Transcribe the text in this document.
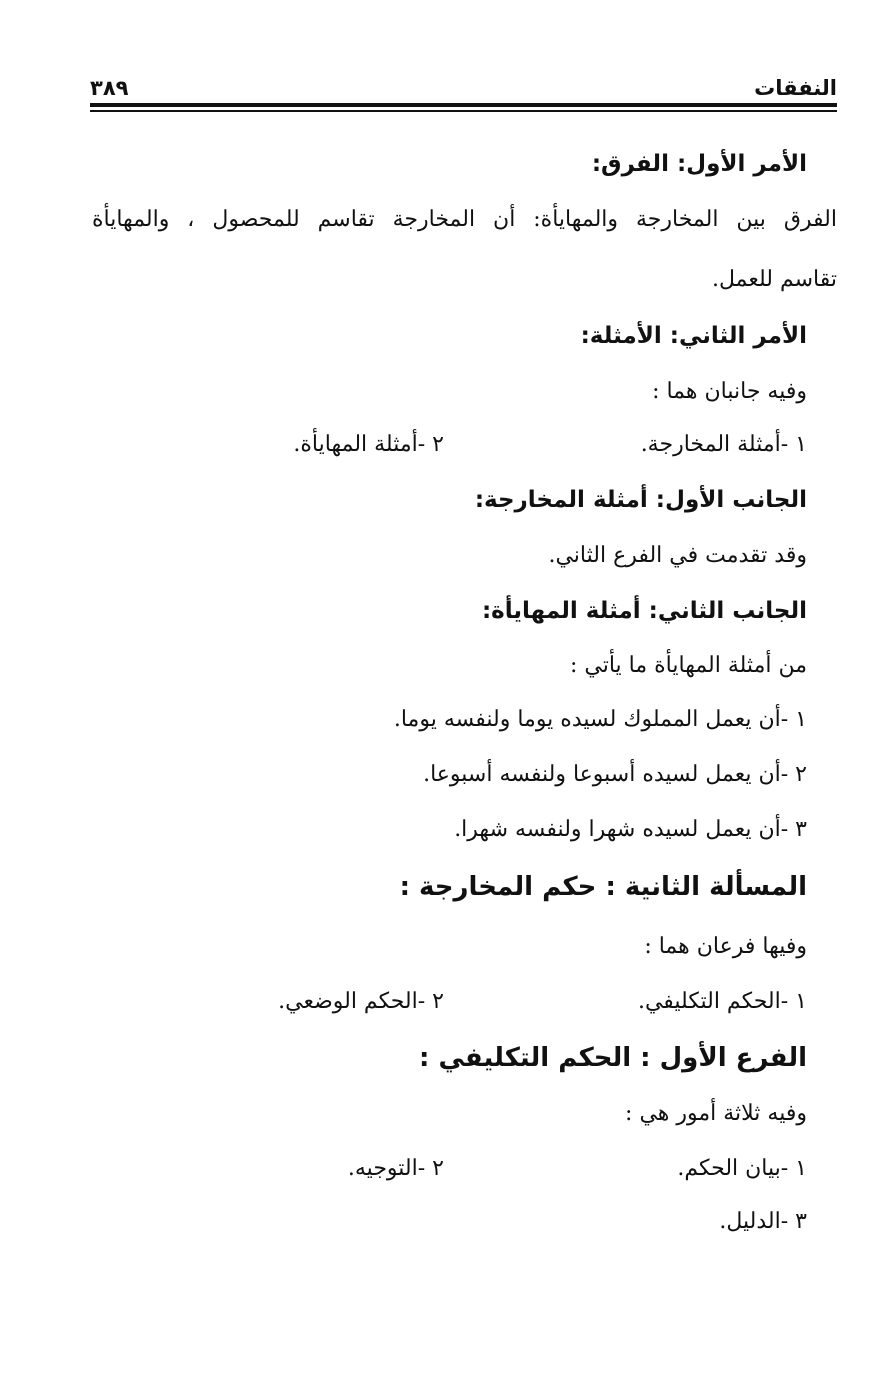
النفقات
٣٨٩
الأمر الأول: الفرق:
الفرق بين المخارجة والمهايأة: أن المخارجة تقاسم للمحصول ، والمهايأة
تقاسم للعمل.
الأمر الثاني: الأمثلة:
وفيه جانبان هما :
١ -أمثلة المخارجة.
٢ -أمثلة المهايأة.
الجانب الأول: أمثلة المخارجة:
وقد تقدمت في الفرع الثاني.
الجانب الثاني: أمثلة المهايأة:
من أمثلة المهايأة ما يأتي :
١ -أن يعمل المملوك لسيده يوما ولنفسه يوما.
٢ -أن يعمل لسيده أسبوعا ولنفسه أسبوعا.
٣ -أن يعمل لسيده شهرا ولنفسه شهرا.
المسألة الثانية : حكم المخارجة :
وفيها فرعان هما :
١ -الحكم التكليفي.
٢ -الحكم الوضعي.
الفرع الأول : الحكم التكليفي :
وفيه ثلاثة أمور هي :
١ -بيان الحكم.
٢ -التوجيه.
٣ -الدليل.
